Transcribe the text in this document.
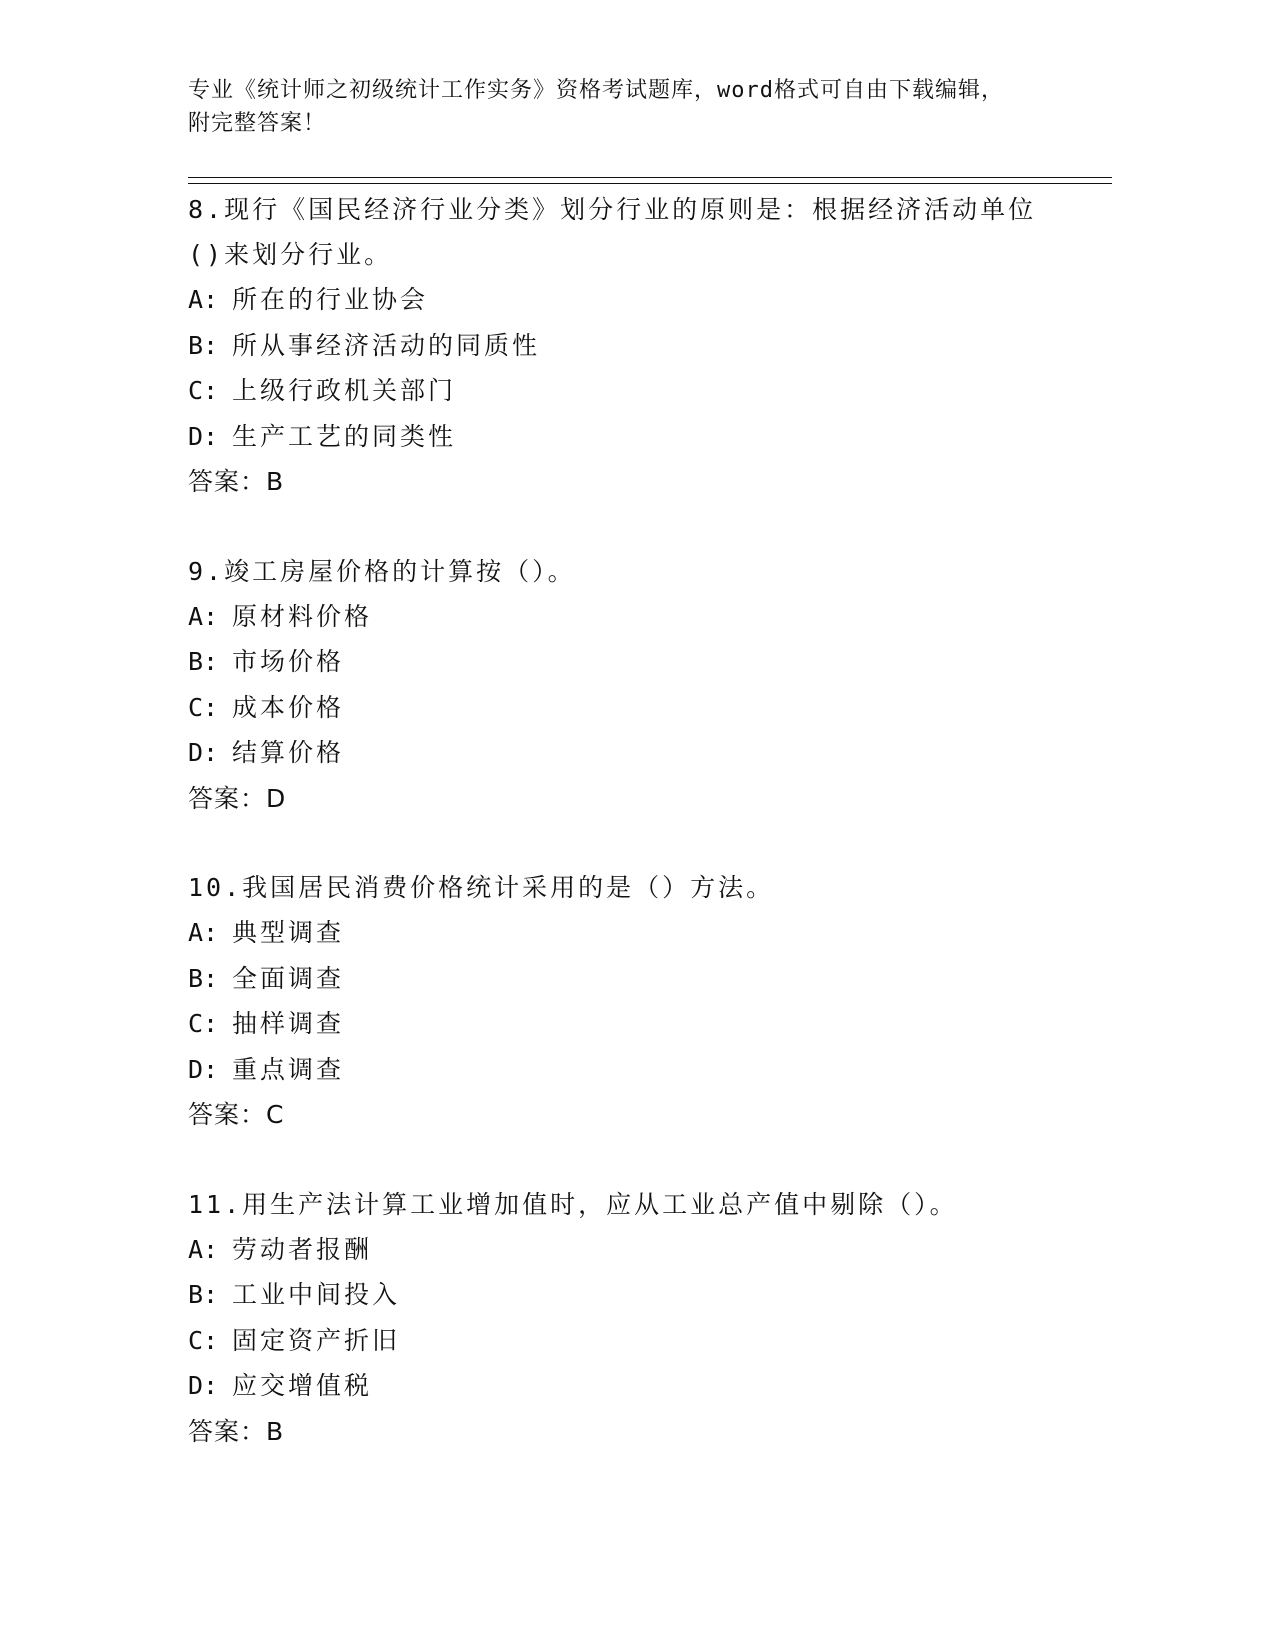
专业《统计师之初级统计工作实务》资格考试题库，word格式可自由下载编辑，
附完整答案！
8.现行《国民经济行业分类》划分行业的原则是：根据经济活动单位
()来划分行业。
A: 所在的行业协会
B: 所从事经济活动的同质性
C: 上级行政机关部门
D: 生产工艺的同类性
答案：B
9.竣工房屋价格的计算按（）。
A: 原材料价格
B: 市场价格
C: 成本价格
D: 结算价格
答案：D
10.我国居民消费价格统计采用的是（）方法。
A: 典型调查
B: 全面调查
C: 抽样调查
D: 重点调查
答案：C
11.用生产法计算工业增加值时，应从工业总产值中剔除（）。
A: 劳动者报酬
B: 工业中间投入
C: 固定资产折旧
D: 应交增值税
答案：B
